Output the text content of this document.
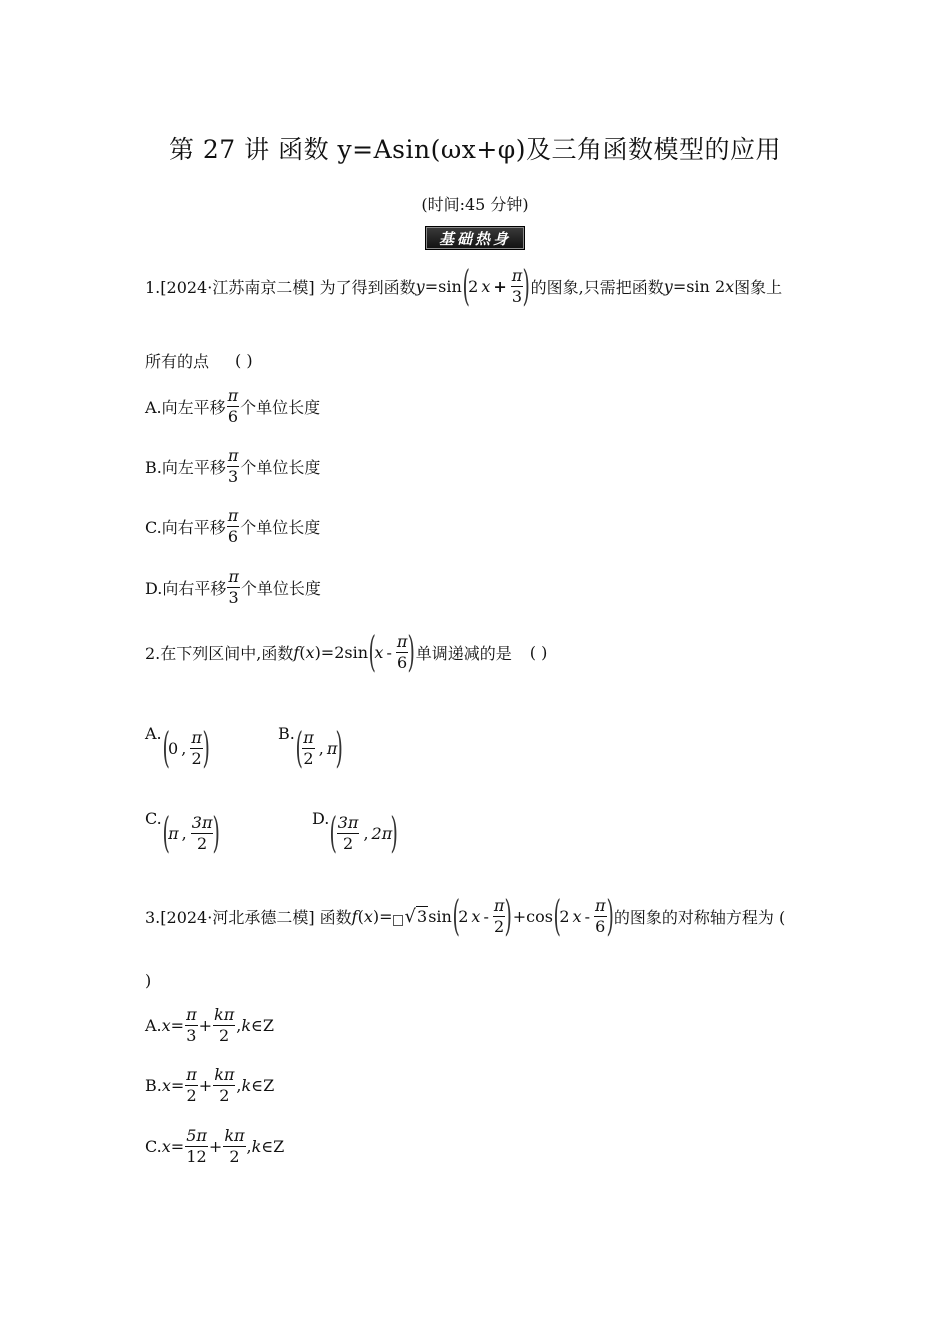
第 27 讲 函数 y=Asin(ωx+φ)及三角函数模型的应用
(时间:45 分钟)
基础热身
1.[2024·江苏南京二模] 为了得到函数 y =sin (
2 $x + \frac{\pi}{3}$ ) 的图象,只需把函数 y =sin 2 x 图象上
所有的点 ( )
A.向左平移 $\frac{\pi}{6}$ 个单位长度
B.向左平移 $\frac{\pi}{3}$ 个单位长度
C.向右平移 $\frac{\pi}{6}$ 个单位长度
D.向右平移 $\frac{\pi}{3}$ 个单位长度
2.在下列区间中,函数 f ( x )=2sin (
x - $\frac{\pi}{6}$ ) 单调递减的是 ( )
A. (
0 , $\frac{\pi}{2}$ )	B. ( $\frac{\pi}{2}$ , π
)
C. (
π , $\frac{3\pi}{2}$ )	D. ( $\frac{3\pi}{2}$ , 2π
)
3.[2024·河北承德二模] 函数 f ( x )= √ 3 sin (
2 x - $\frac{\pi}{2}$ ) +cos (
2 x - $\frac{\pi}{6}$ ) 的图象的对称轴方程为 (
)
A. $x = \frac{\pi}{3} + \frac{k\pi}{2}$ , k ∈Z
B. $x = \frac{\pi}{2} + \frac{k\pi}{2}$ , k ∈Z
C. $x = \frac{5\pi}{12} + \frac{k\pi}{2}$ , k ∈Z
